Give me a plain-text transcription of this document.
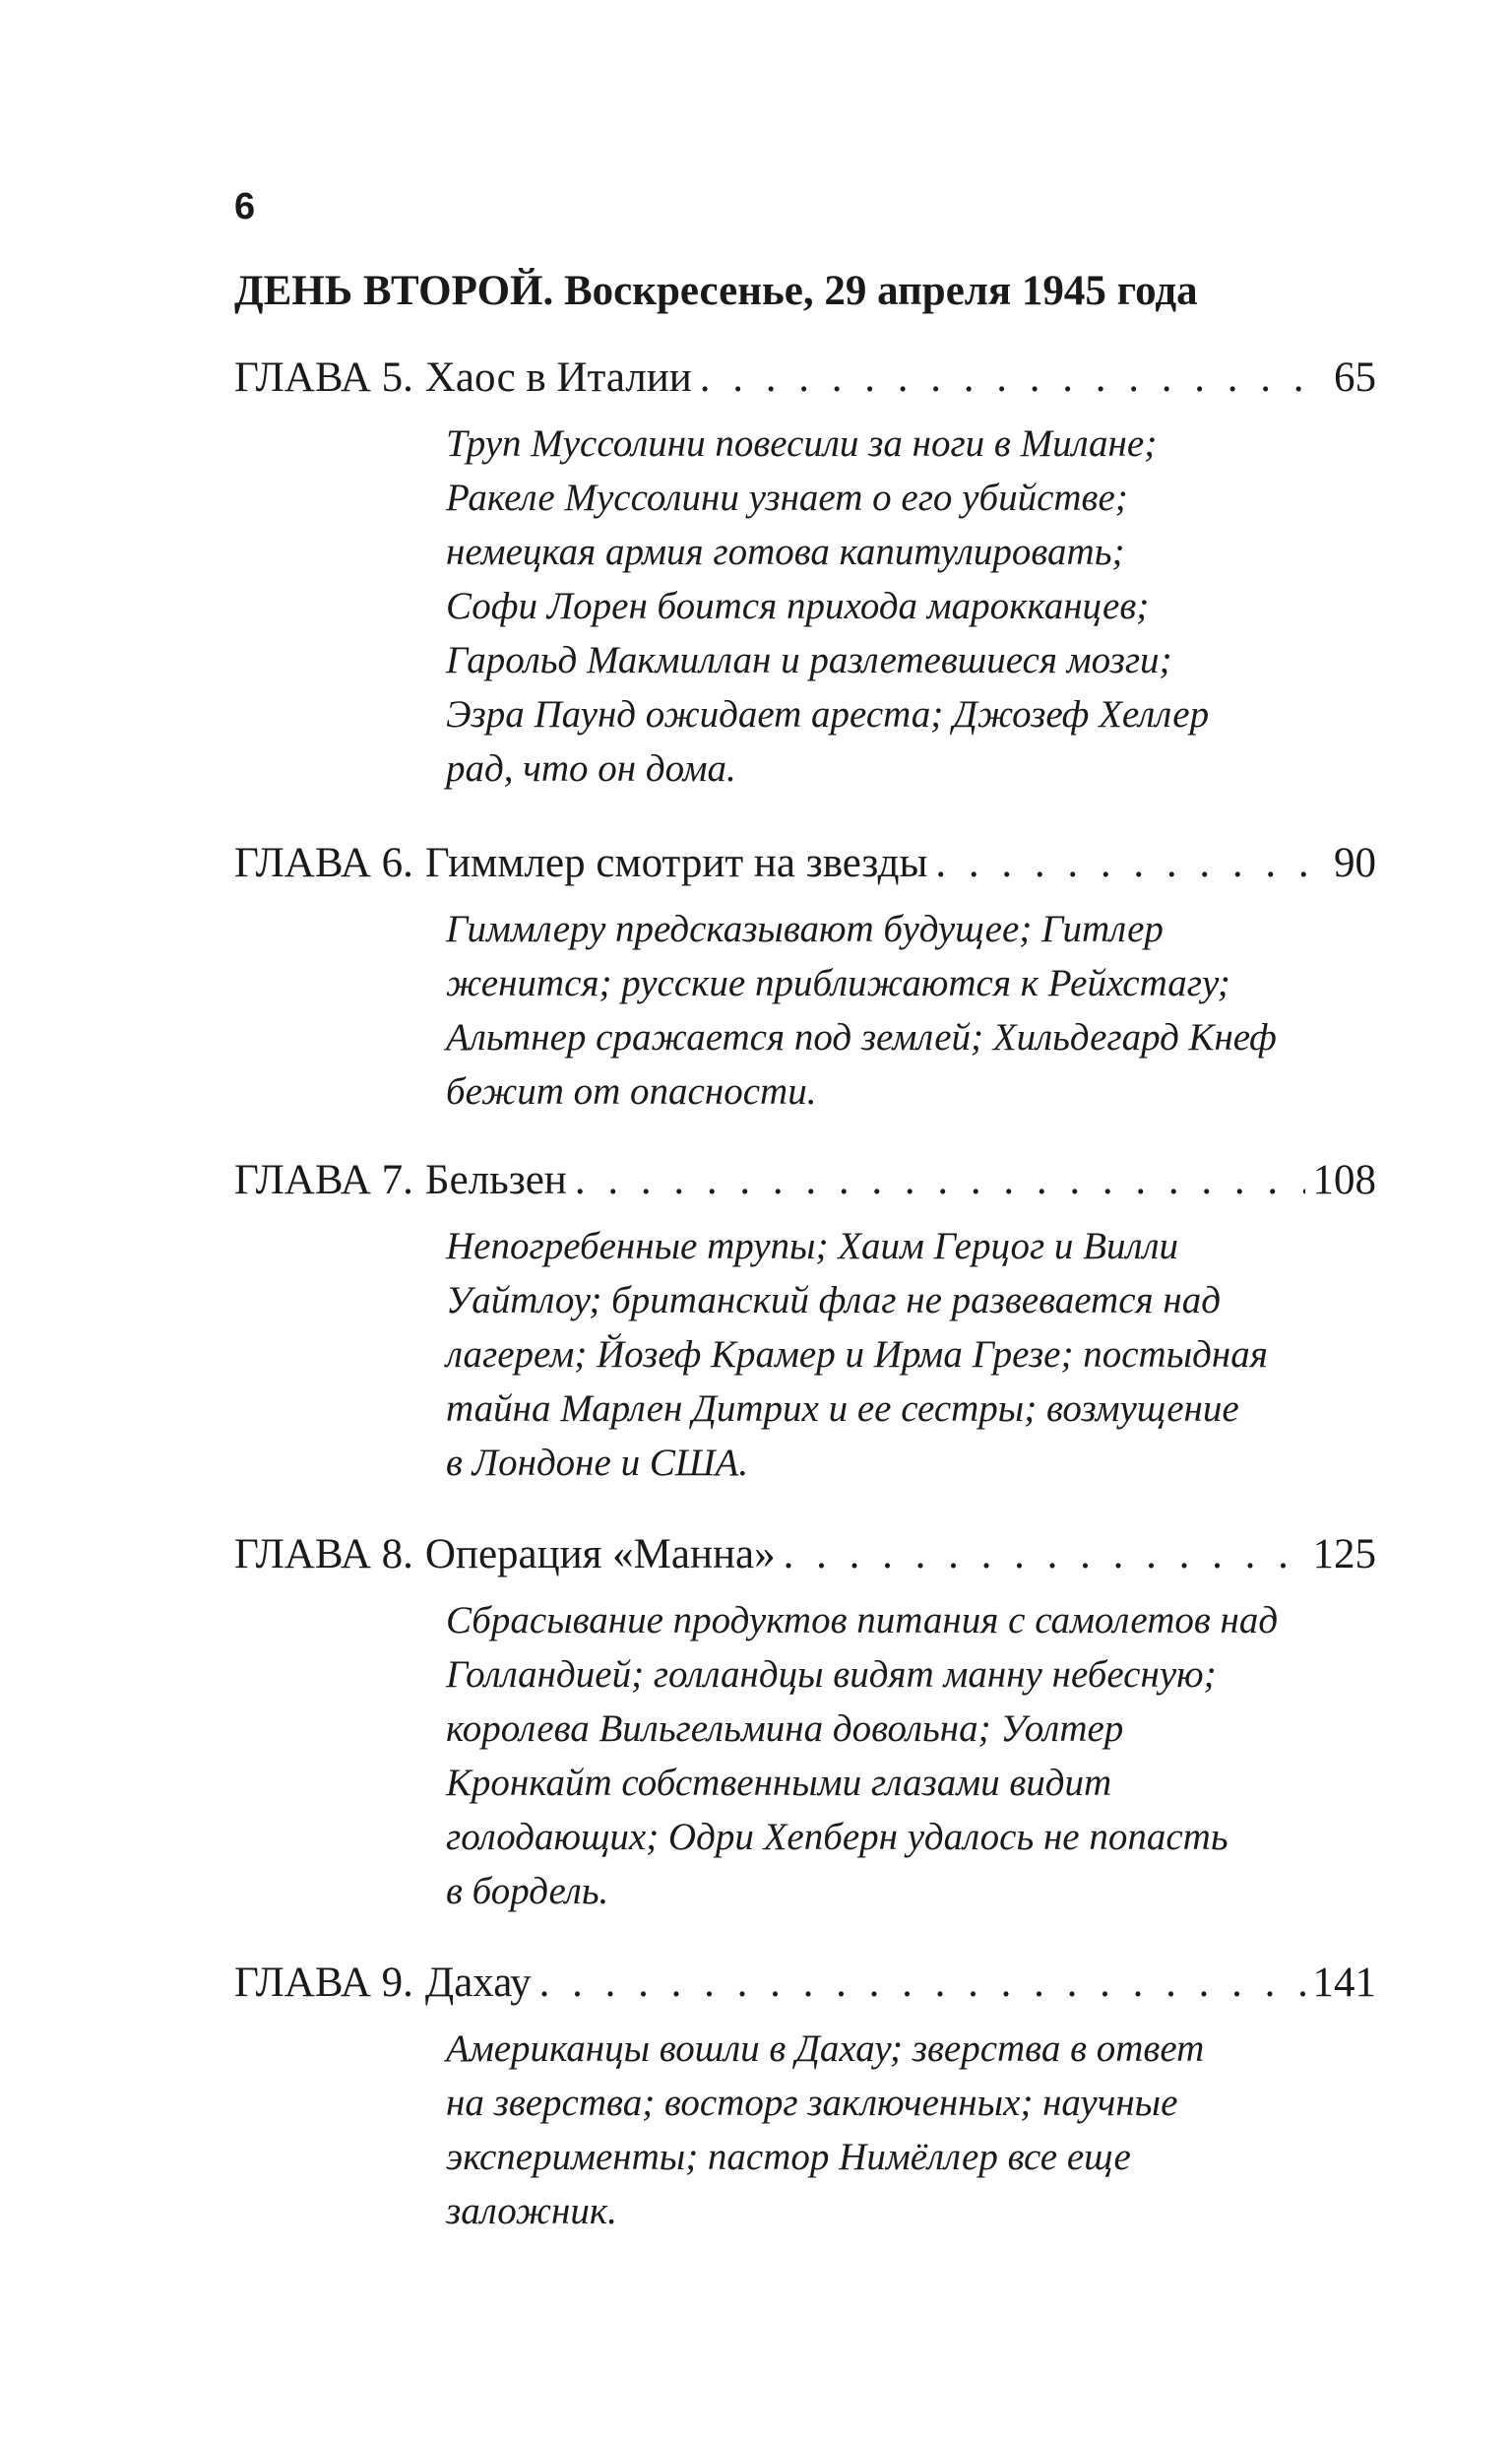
6
ДЕНЬ ВТОРОЙ. Воскресенье, 29 апреля 1945 года
ГЛАВА 5. Хаос в Италии . . .	65
Труп Муссолини повесили за ноги в Милане;
Ракеле Муссолини узнает о его убийстве;
немецкая армия готова капитулировать;
Софи Лорен боится прихода марокканцев;
Гарольд Макмиллан и разлетевшиеся мозги;
Эзра Паунд ожидает ареста; Джозеф Хеллер
рад, что он дома.
ГЛАВА 6. Гиммлер смотрит на звезды . . .	90
Гиммлеру предсказывают будущее; Гитлер
женится; русские приближаются к Рейхстагу;
Альтнер сражается под землей; Хильдегард Кнеф
бежит от опасности.
ГЛАВА 7. Бельзен . . .	108
Непогребенные трупы; Хаим Герцог и Вилли
Уайтлоу; британский флаг не развевается над
лагерем; Йозеф Крамер и Ирма Грезе; постыдная
тайна Марлен Дитрих и ее сестры; возмущение
в Лондоне и США.
ГЛАВА 8. Операция «Манна» . . .	125
Сбрасывание продуктов питания с самолетов над
Голландией; голландцы видят манну небесную;
королева Вильгельмина довольна; Уолтер
Кронкайт собственными глазами видит
голодающих; Одри Хепберн удалось не попасть
в бордель.
ГЛАВА 9. Дахау . . .	141
Американцы вошли в Дахау; зверства в ответ
на зверства; восторг заключенных; научные
эксперименты; пастор Нимёллер все еще
заложник.
